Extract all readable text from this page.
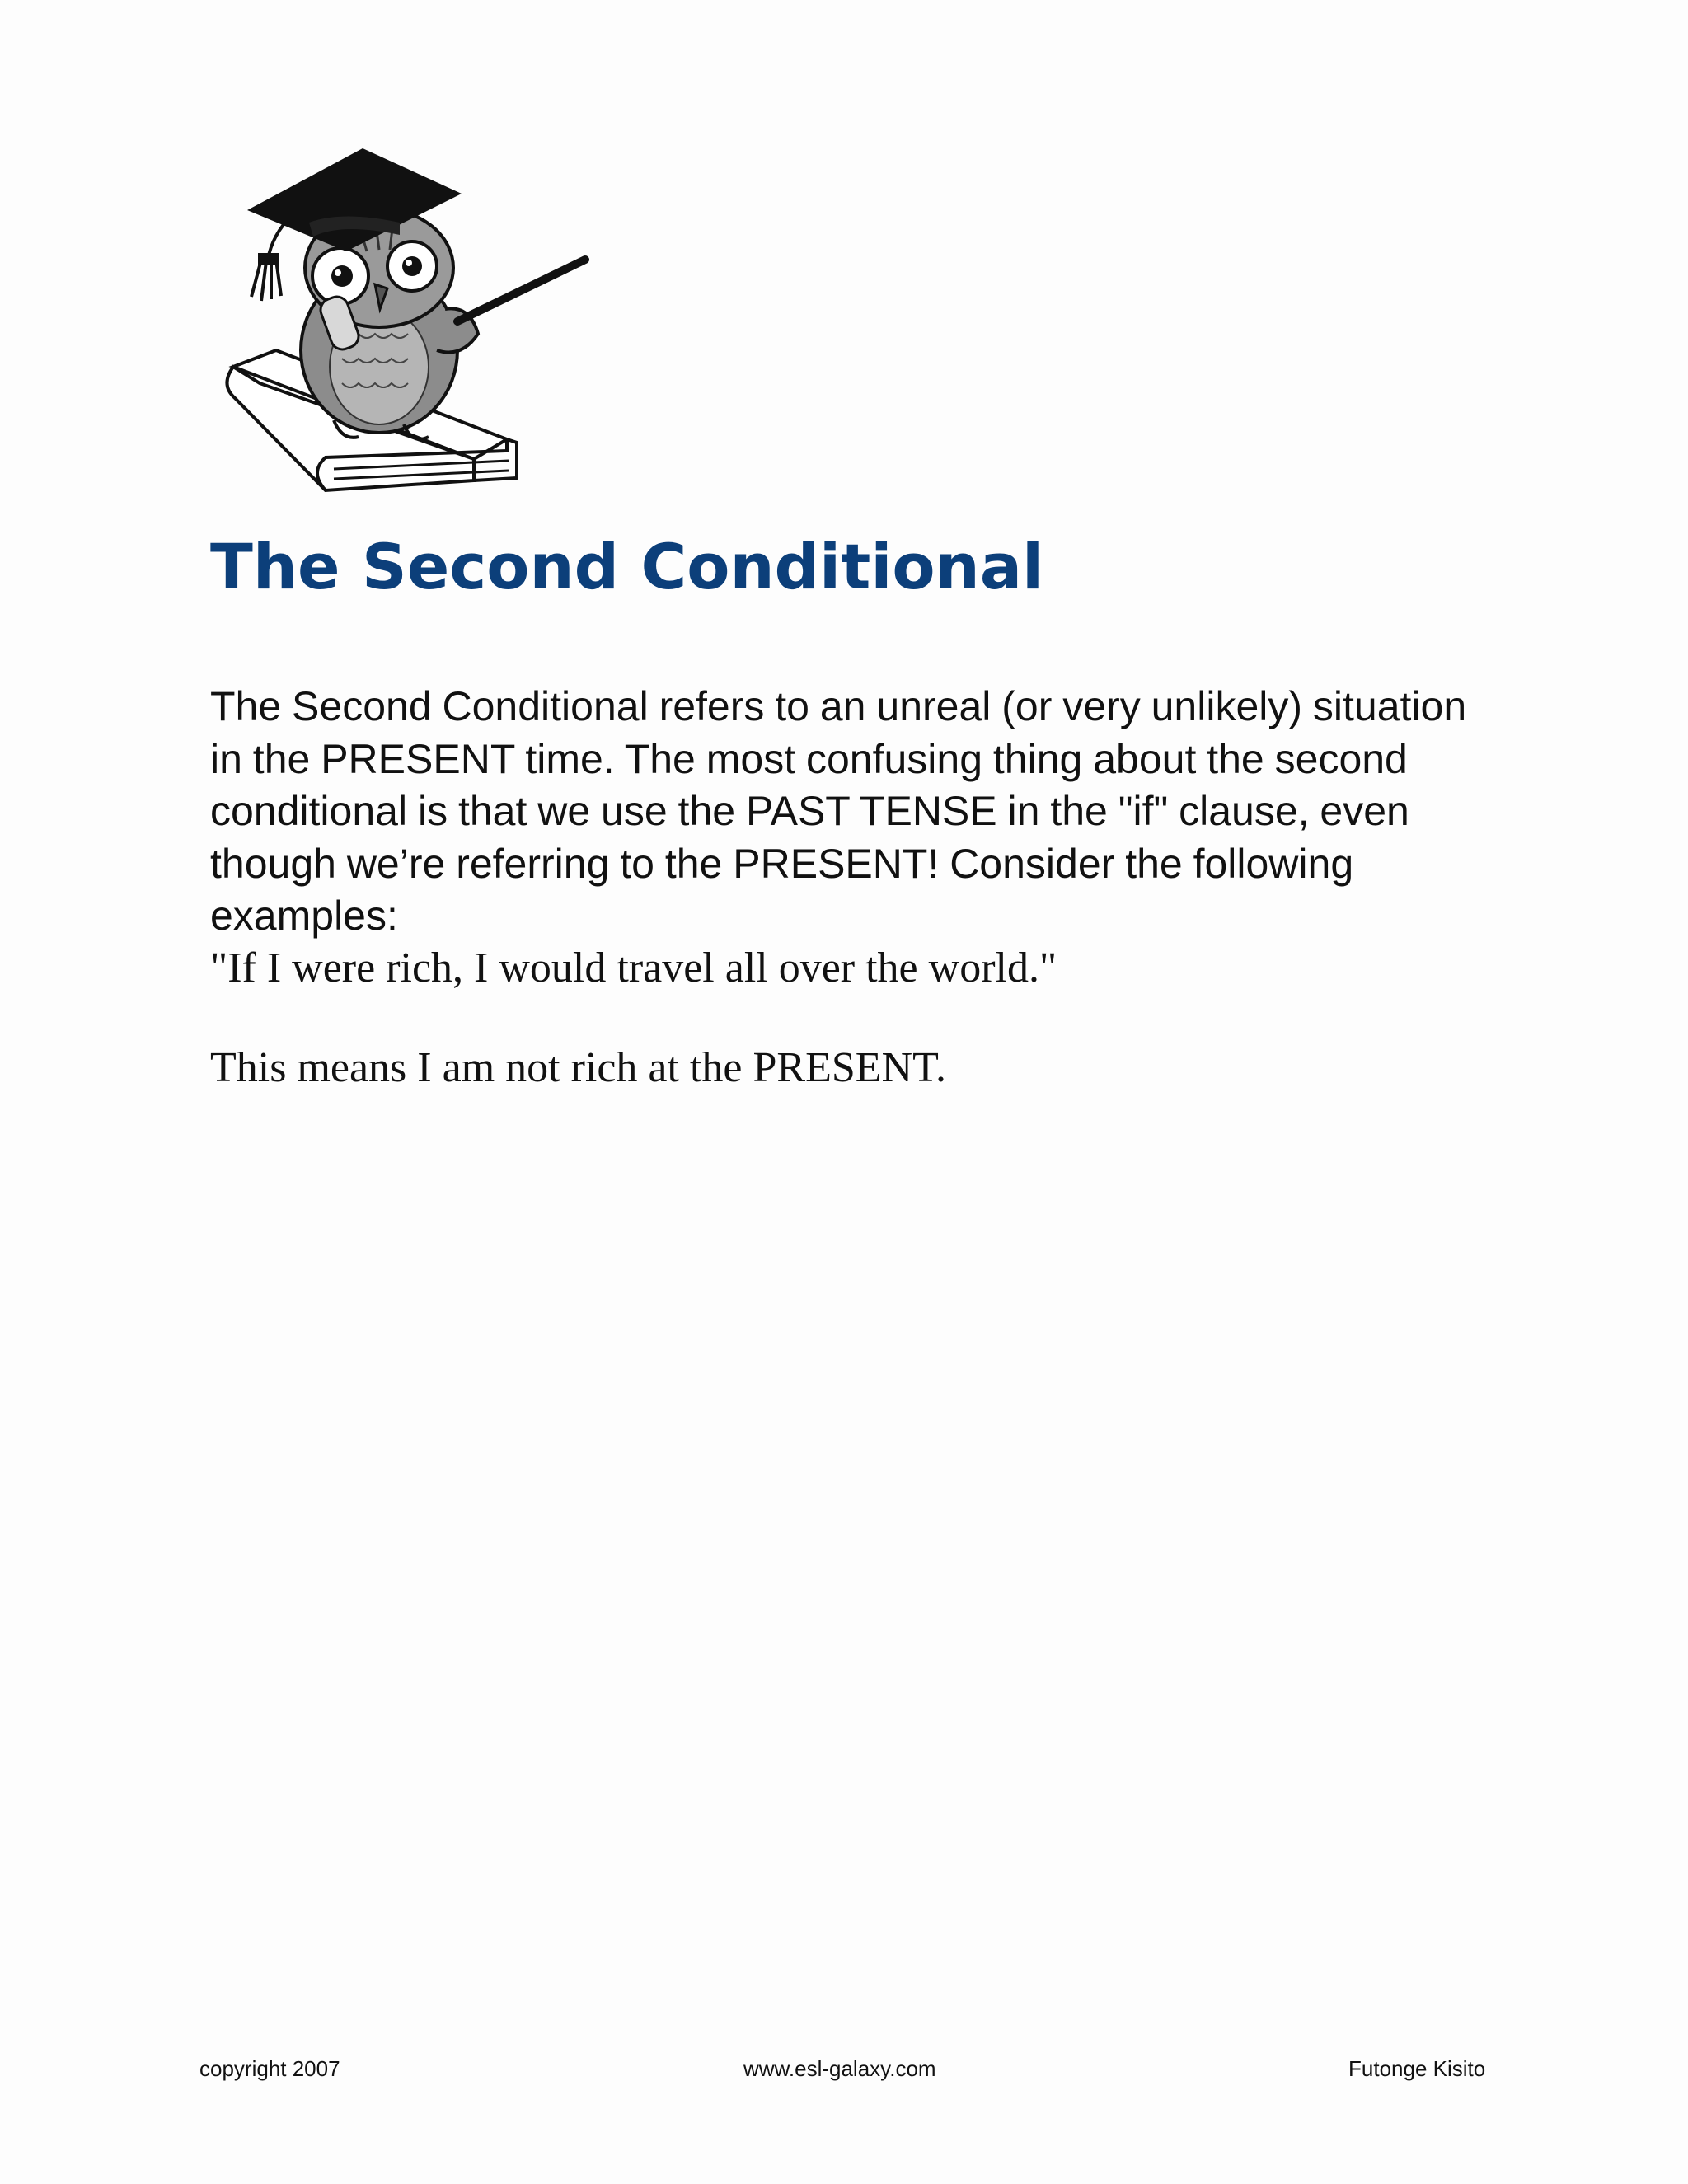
The Second Conditional

The Second Conditional refers to an unreal (or very unlikely) situation in the PRESENT time. The most confusing thing about the second conditional is that we use the PAST TENSE in the "if" clause, even though we’re referring to the PRESENT! Consider the following examples:

"If I were rich, I would travel all over the world."

This means I am not rich at the PRESENT.

copyright 2007	www.esl-galaxy.com	Futonge Kisito
